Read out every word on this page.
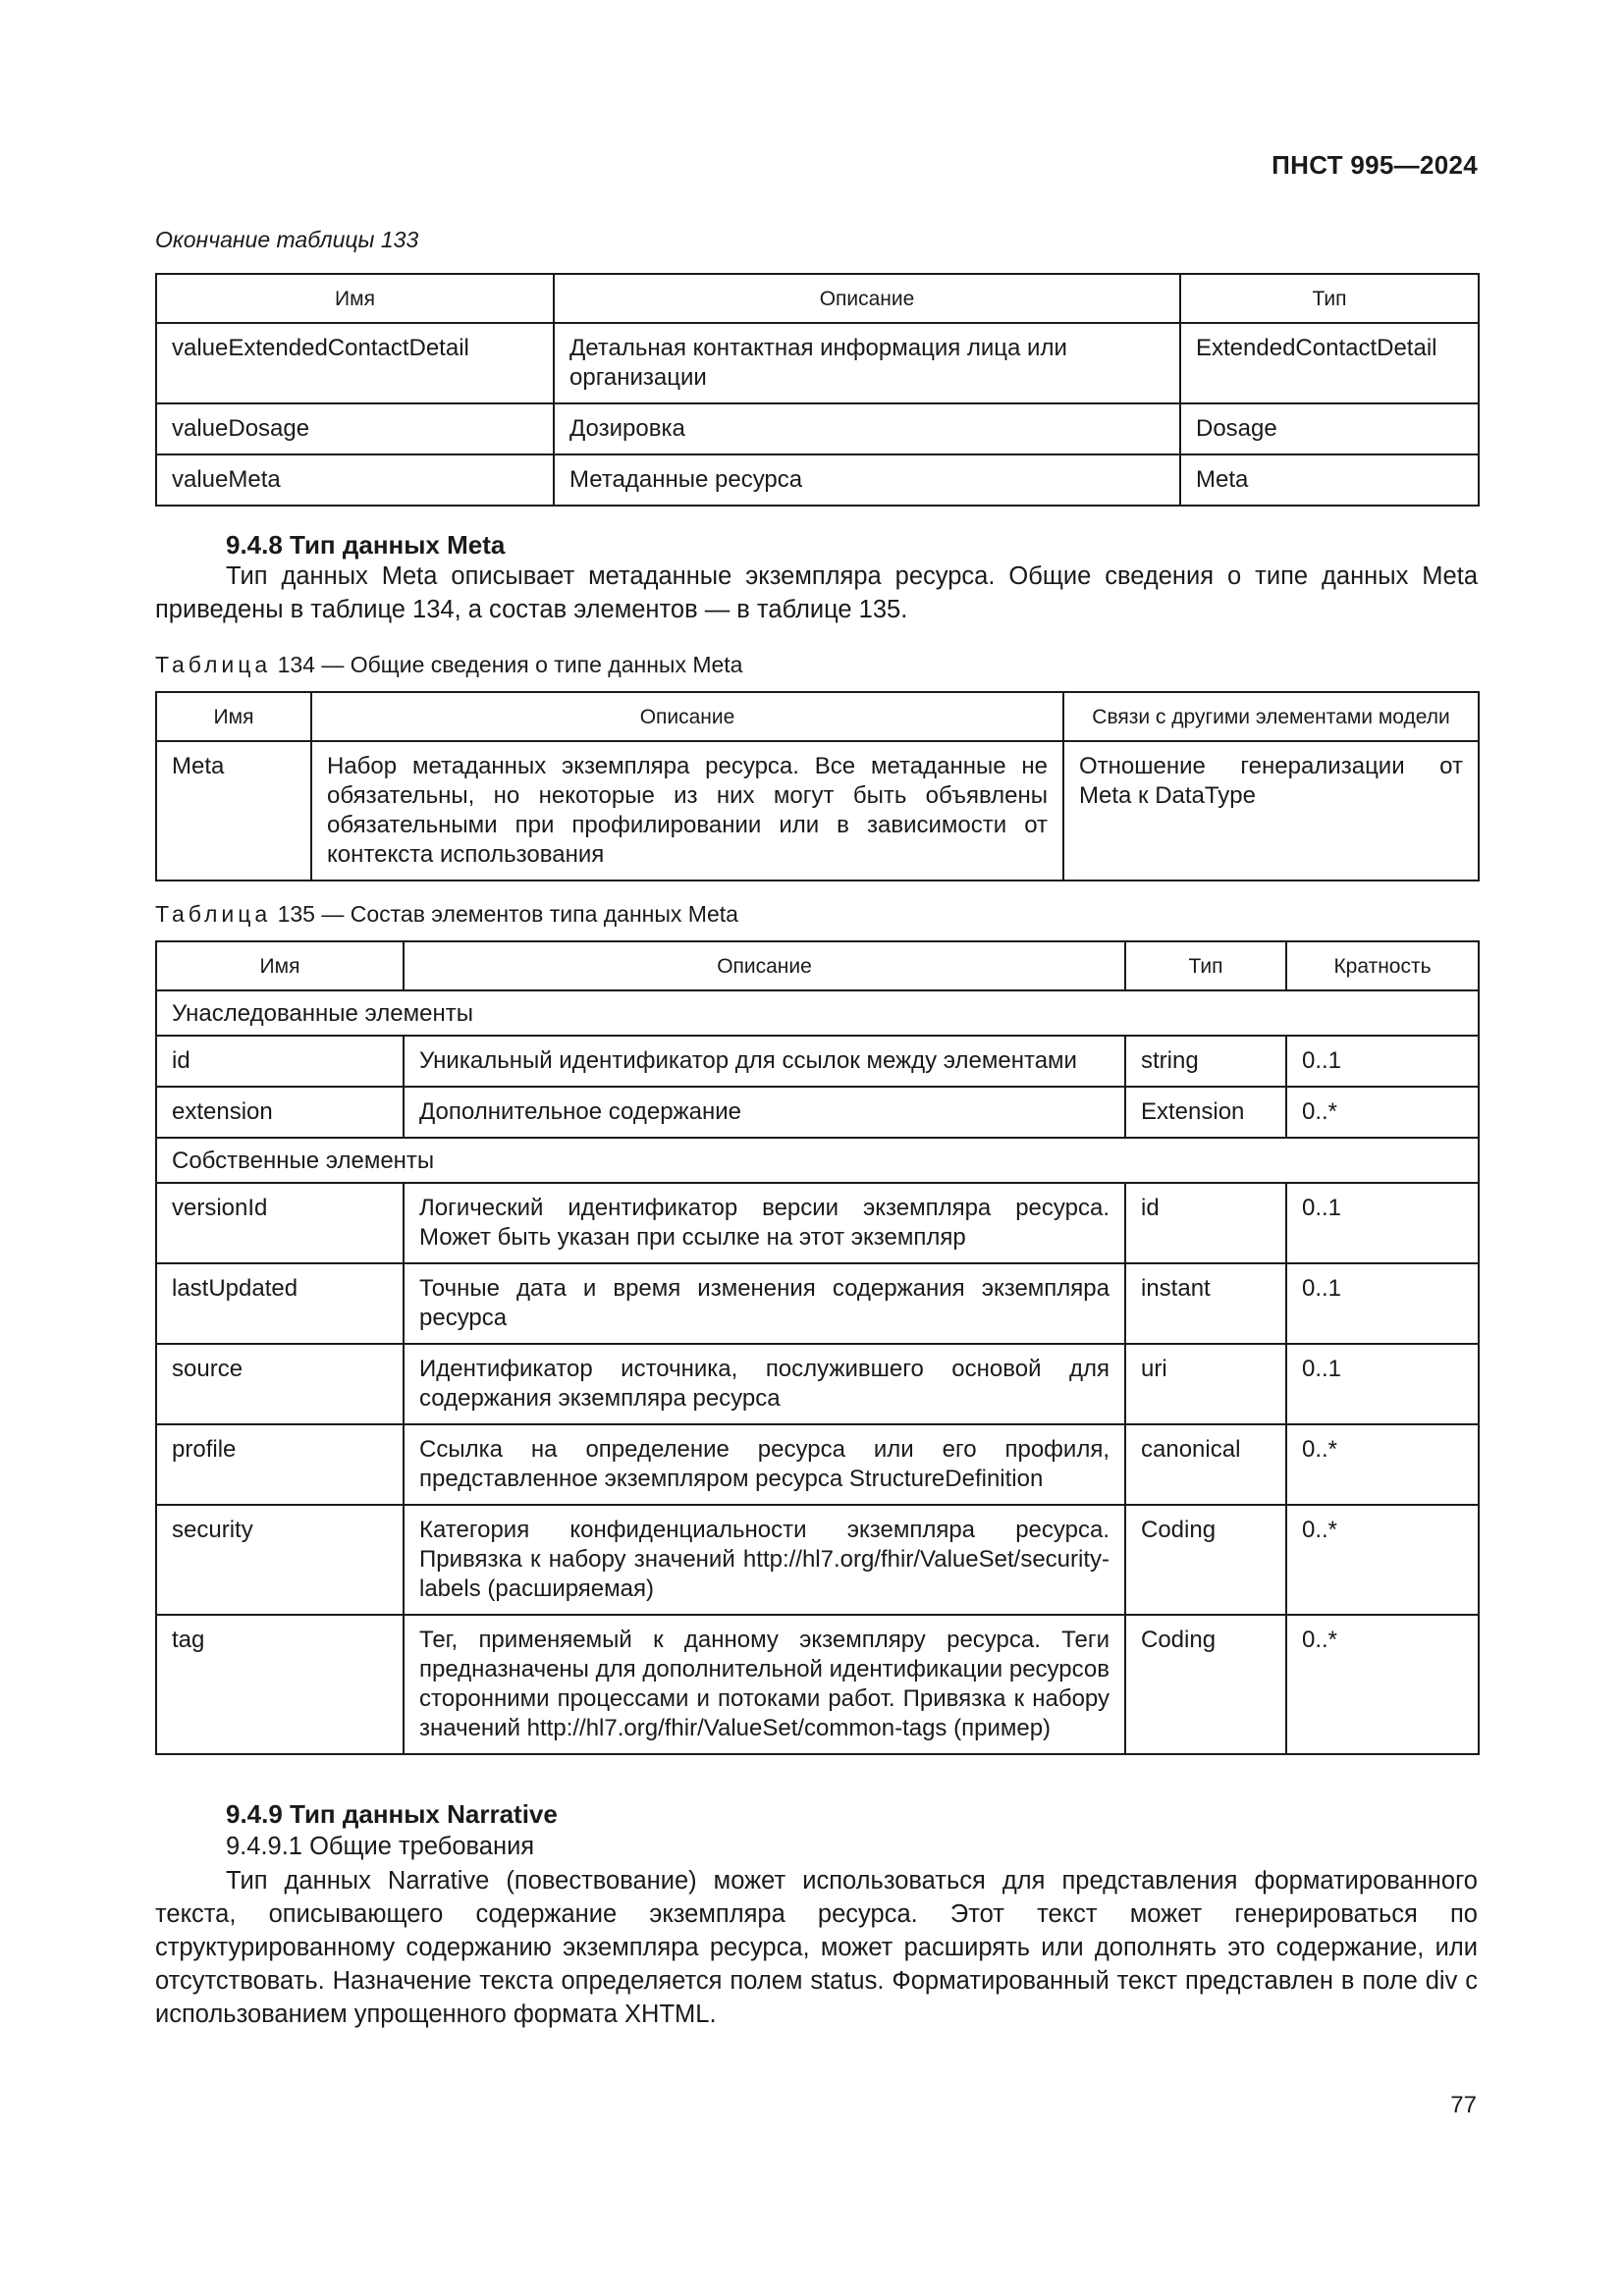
ПНСТ 995—2024
Окончание таблицы 133
Имя	Описание	Тип
valueExtendedContactDetail	Детальная контактная информация лица или организации	ExtendedContactDetail
valueDosage	Дозировка	Dosage
valueMeta	Метаданные ресурса	Meta
9.4.8 Тип данных Meta
Тип данных Meta описывает метаданные экземпляра ресурса. Общие сведения о типе данных Meta приведены в таблице 134, а состав элементов — в таблице 135.
Таблица 134 — Общие сведения о типе данных Meta
Имя	Описание	Связи с другими элементами модели
Meta	Набор метаданных экземпляра ресурса. Все метаданные не обязательны, но некоторые из них могут быть объявлены обязательными при профилировании или в зависимости от контекста использования	Отношение генерализации от Meta к DataType
Таблица 135 — Состав элементов типа данных Meta
Имя	Описание	Тип	Кратность
Унаследованные элементы			
id	Уникальный идентификатор для ссылок между элементами	string	0..1
extension	Дополнительное содержание	Extension	0..*
Собственные элементы			
versionId	Логический идентификатор версии экземпляра ресурса. Может быть указан при ссылке на этот экземпляр	id	0..1
lastUpdated	Точные дата и время изменения содержания экземпляра ресурса	instant	0..1
source	Идентификатор источника, послужившего основой для содержания экземпляра ресурса	uri	0..1
profile	Ссылка на определение ресурса или его профиля, представленное экземпляром ресурса StructureDefinition	canonical	0..*
security	Категория конфиденциальности экземпляра ресурса. Привязка к набору значений http://hl7.org/fhir/ValueSet/security-labels (расширяемая)	Coding	0..*
tag	Тег, применяемый к данному экземпляру ресурса. Теги предназначены для дополнительной идентификации ресурсов сторонними процессами и потоками работ. Привязка к набору значений http://hl7.org/fhir/ValueSet/common-tags (пример)	Coding	0..*
9.4.9 Тип данных Narrative
9.4.9.1 Общие требования
Тип данных Narrative (повествование) может использоваться для представления форматированного текста, описывающего содержание экземпляра ресурса. Этот текст может генерироваться по структурированному содержанию экземпляра ресурса, может расширять или дополнять это содержание, или отсутствовать. Назначение текста определяется полем status. Форматированный текст представлен в поле div с использованием упрощенного формата XHTML.
77
